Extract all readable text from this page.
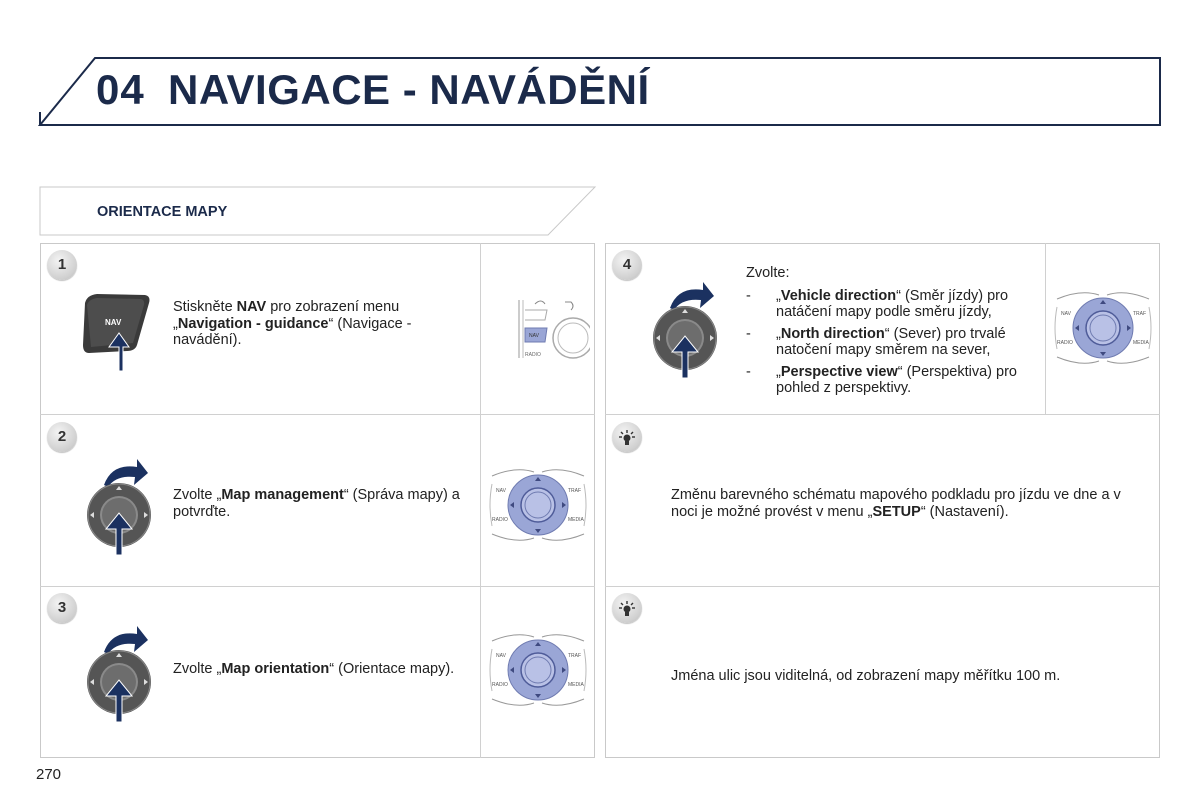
04 NAVIGACE - NAVÁDĚNÍ
ORIENTACE MAPY
1
NAV
Stiskněte NAV pro zobrazení menu „Navigation - guidance“ (Navigace - navádění).	NAV
RADIO
2
Zvolte „Map management“ (Správa mapy) a potvrďte.
NAV	TRAF
RADIO	MEDIA
3
Zvolte „Map orientation“ (Orientace mapy).
NAV	TRAF
RADIO	MEDIA
4	Zvolte:
- „Vehicle direction“ (Směr jízdy) pro natáčení mapy podle směru jízdy,
- „North direction“ (Sever) pro trvalé natočení mapy směrem na sever,
- „Perspective view“ (Perspektiva) pro pohled z perspektivy.
NAV	TRAF
RADIO	MEDIA
Změnu barevného schématu mapového podkladu pro jízdu ve dne a v noci je možné provést v menu „SETUP“ (Nastavení).
Jména ulic jsou viditelná, od zobrazení mapy měřítku 100 m.
270
